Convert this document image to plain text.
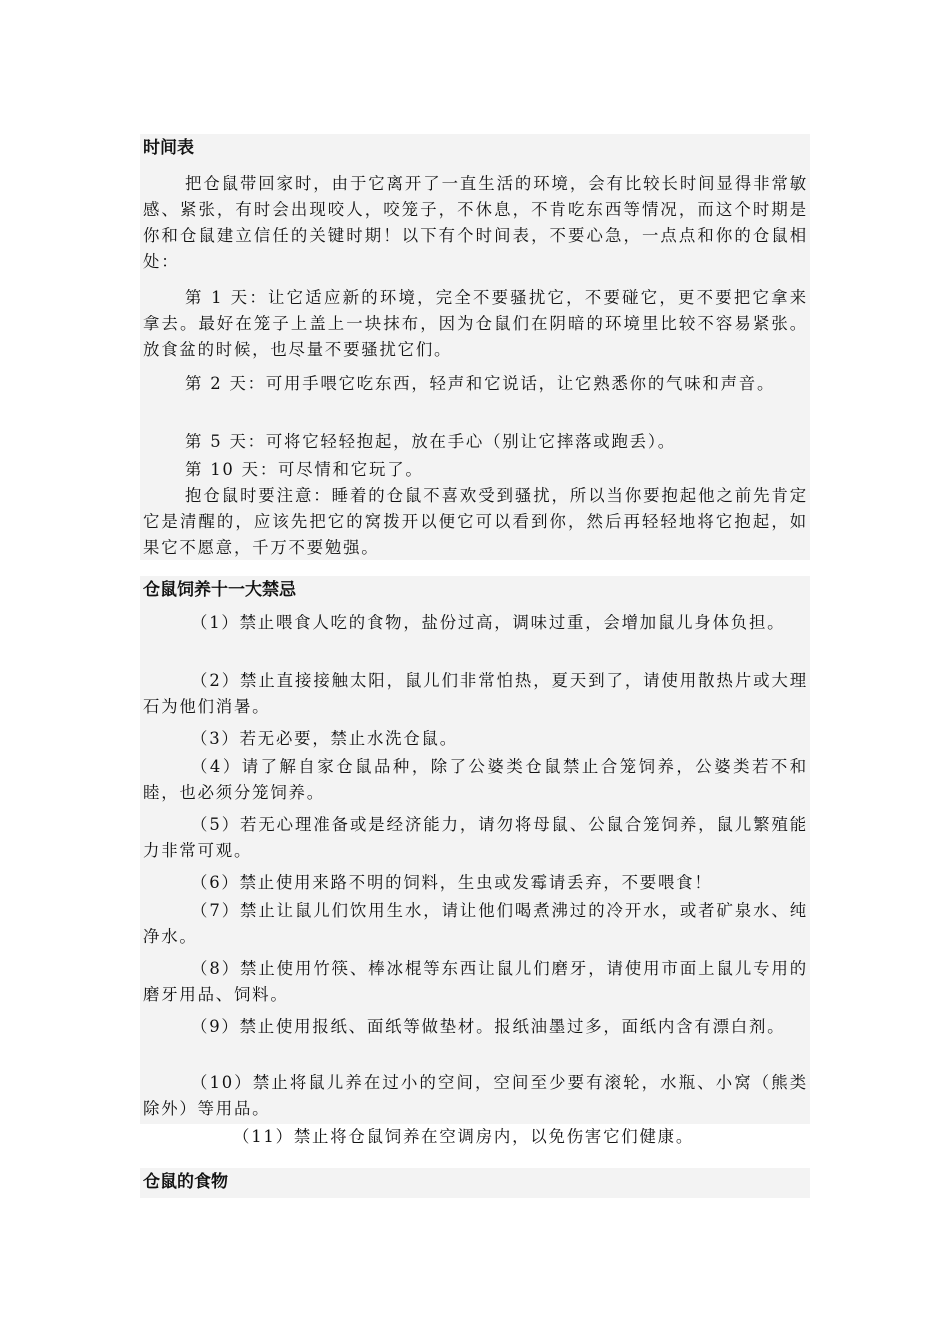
时间表

把仓鼠带回家时，由于它离开了一直生活的环境，会有比较长时间显得非常敏感、紧张，有时会出现咬人，咬笼子，不休息，不肯吃东西等情况，而这个时期是你和仓鼠建立信任的关键时期！以下有个时间表，不要心急，一点点和你的仓鼠相处：

第 1 天：让它适应新的环境，完全不要骚扰它，不要碰它，更不要把它拿来拿去。最好在笼子上盖上一块抹布，因为仓鼠们在阴暗的环境里比较不容易紧张。放食盆的时候，也尽量不要骚扰它们。

第 2 天：可用手喂它吃东西，轻声和它说话，让它熟悉你的气味和声音。

第 5 天：可将它轻轻抱起，放在手心（别让它摔落或跑丢）。

第 10 天：可尽情和它玩了。

抱仓鼠时要注意：睡着的仓鼠不喜欢受到骚扰，所以当你要抱起他之前先肯定它是清醒的，应该先把它的窝拨开以便它可以看到你，然后再轻轻地将它抱起，如果它不愿意，千万不要勉强。

仓鼠饲养十一大禁忌

（1）禁止喂食人吃的食物，盐份过高，调味过重，会增加鼠儿身体负担。

（2）禁止直接接触太阳，鼠儿们非常怕热，夏天到了，请使用散热片或大理石为他们消暑。

（3）若无必要，禁止水洗仓鼠。

（4）请了解自家仓鼠品种，除了公婆类仓鼠禁止合笼饲养，公婆类若不和睦，也必须分笼饲养。

（5）若无心理准备或是经济能力，请勿将母鼠、公鼠合笼饲养，鼠儿繁殖能力非常可观。

（6）禁止使用来路不明的饲料，生虫或发霉请丢弃，不要喂食！

（7）禁止让鼠儿们饮用生水，请让他们喝煮沸过的冷开水，或者矿泉水、纯净水。

（8）禁止使用竹筷、棒冰棍等东西让鼠儿们磨牙，请使用市面上鼠儿专用的磨牙用品、饲料。

（9）禁止使用报纸、面纸等做垫材。报纸油墨过多，面纸内含有漂白剂。

（10）禁止将鼠儿养在过小的空间，空间至少要有滚轮，水瓶、小窝（熊类除外）等用品。

（11）禁止将仓鼠饲养在空调房内，以免伤害它们健康。

仓鼠的食物
